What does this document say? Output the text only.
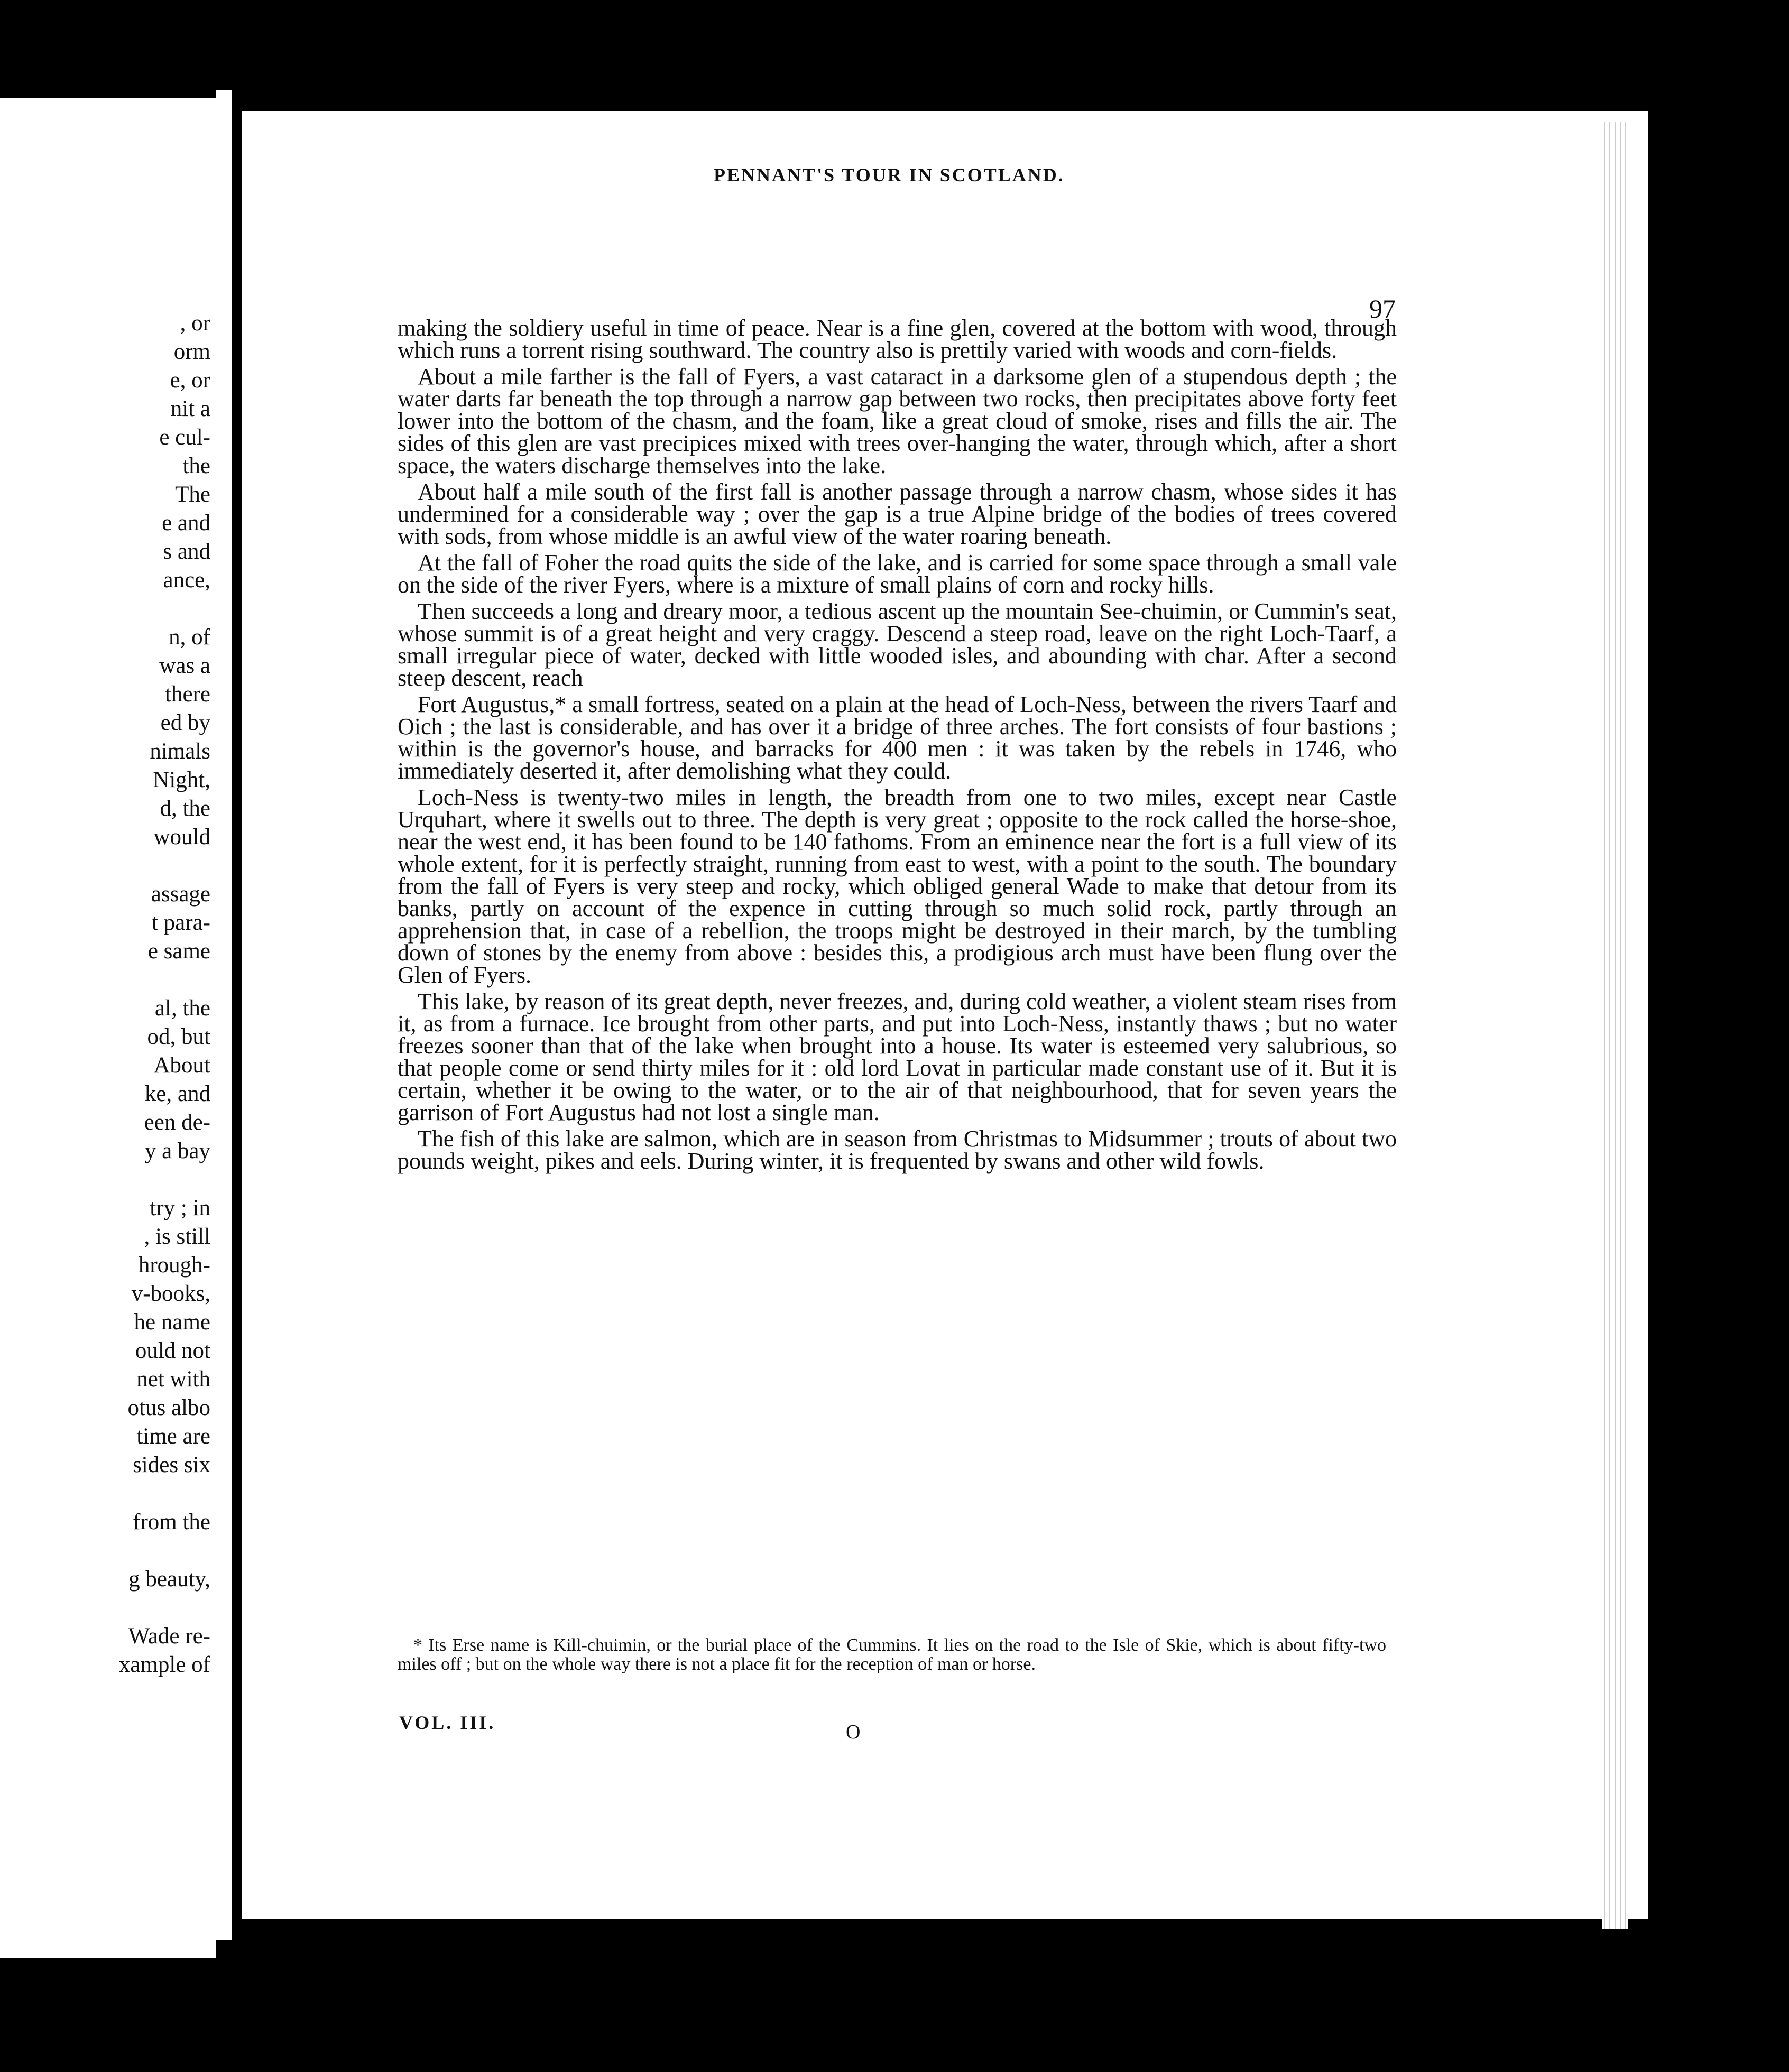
, or
orm
e, or
nit a
e cul-
the
The
e and
s and
ance,
n, of
was a
there
ed by
nimals
Night,
d, the
would
assage
t para-
e same
al, the
od, but
About
ke, and
een de-
y a bay
try ; in
, is still
hrough-
v-books,
he name
ould not
net with
otus albo
time are
sides six
from the
g beauty,
Wade re-
xample of
PENNANT'S TOUR IN SCOTLAND.
97

making the soldiery useful in time of peace. Near is a fine glen, covered at the bottom with wood, through which runs a torrent rising southward. The country also is prettily varied with woods and corn-fields.

About a mile farther is the fall of Fyers, a vast cataract in a darksome glen of a stupendous depth ; the water darts far beneath the top through a narrow gap between two rocks, then precipitates above forty feet lower into the bottom of the chasm, and the foam, like a great cloud of smoke, rises and fills the air. The sides of this glen are vast precipices mixed with trees over-hanging the water, through which, after a short space, the waters discharge themselves into the lake.

About half a mile south of the first fall is another passage through a narrow chasm, whose sides it has undermined for a considerable way ; over the gap is a true Alpine bridge of the bodies of trees covered with sods, from whose middle is an awful view of the water roaring beneath.

At the fall of Foher the road quits the side of the lake, and is carried for some space through a small vale on the side of the river Fyers, where is a mixture of small plains of corn and rocky hills.

Then succeeds a long and dreary moor, a tedious ascent up the mountain See-chuimin, or Cummin's seat, whose summit is of a great height and very craggy. Descend a steep road, leave on the right Loch-Taarf, a small irregular piece of water, decked with little wooded isles, and abounding with char. After a second steep descent, reach

Fort Augustus,* a small fortress, seated on a plain at the head of Loch-Ness, between the rivers Taarf and Oich ; the last is considerable, and has over it a bridge of three arches. The fort consists of four bastions ; within is the governor's house, and barracks for 400 men : it was taken by the rebels in 1746, who immediately deserted it, after demolishing what they could.

Loch-Ness is twenty-two miles in length, the breadth from one to two miles, except near Castle Urquhart, where it swells out to three. The depth is very great ; opposite to the rock called the horse-shoe, near the west end, it has been found to be 140 fathoms. From an eminence near the fort is a full view of its whole extent, for it is perfectly straight, running from east to west, with a point to the south. The boundary from the fall of Fyers is very steep and rocky, which obliged general Wade to make that detour from its banks, partly on account of the expence in cutting through so much solid rock, partly through an apprehension that, in case of a rebellion, the troops might be destroyed in their march, by the tumbling down of stones by the enemy from above : besides this, a prodigious arch must have been flung over the Glen of Fyers.

This lake, by reason of its great depth, never freezes, and, during cold weather, a violent steam rises from it, as from a furnace. Ice brought from other parts, and put into Loch-Ness, instantly thaws ; but no water freezes sooner than that of the lake when brought into a house. Its water is esteemed very salubrious, so that people come or send thirty miles for it : old lord Lovat in particular made constant use of it. But it is certain, whether it be owing to the water, or to the air of that neighbourhood, that for seven years the garrison of Fort Augustus had not lost a single man.

The fish of this lake are salmon, which are in season from Christmas to Midsummer ; trouts of about two pounds weight, pikes and eels. During winter, it is frequented by swans and other wild fowls.

* Its Erse name is Kill-chuimin, or the burial place of the Cummins. It lies on the road to the Isle of Skie, which is about fifty-two miles off ; but on the whole way there is not a place fit for the reception of man or horse.
VOL. III.	O
